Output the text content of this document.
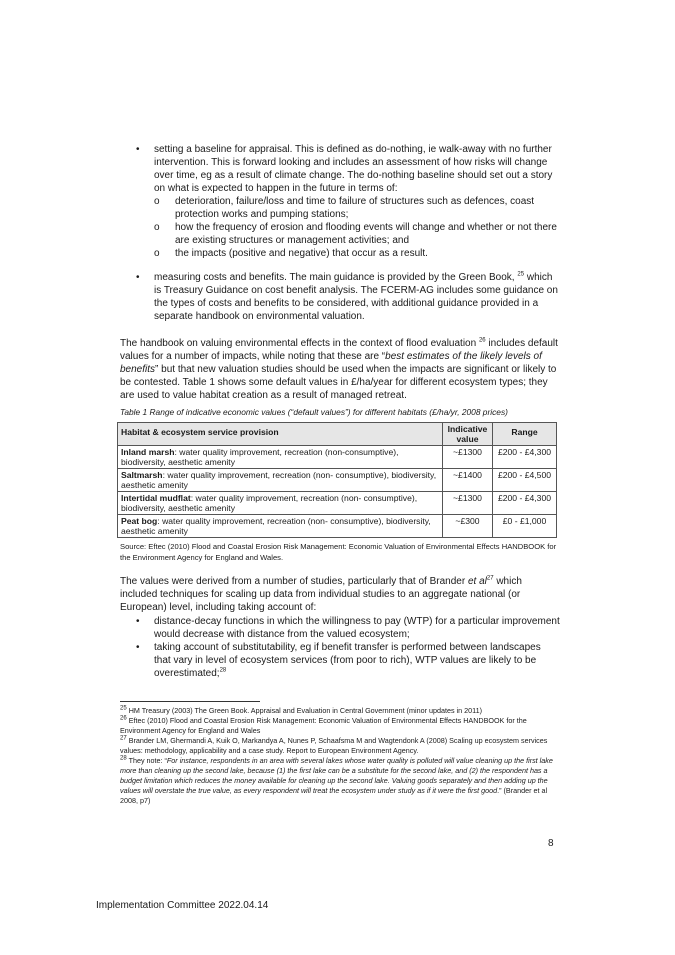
• setting a baseline for appraisal. This is defined as do-nothing, ie walk-away with no further intervention. This is forward looking and includes an assessment of how risks will change over time, eg as a result of climate change. The do-nothing baseline should set out a story on what is expected to happen in the future in terms of:
o deterioration, failure/loss and time to failure of structures such as defences, coast protection works and pumping stations;
o how the frequency of erosion and flooding events will change and whether or not there are existing structures or management activities; and
o the impacts (positive and negative) that occur as a result.
• measuring costs and benefits. The main guidance is provided by the Green Book, $^{25}$ which is Treasury Guidance on cost benefit analysis. The FCERM-AG includes some guidance on the types of costs and benefits to be considered, with additional guidance provided in a separate handbook on environmental valuation.

The handbook on valuing environmental effects in the context of flood evaluation $^{26}$ includes default values for a number of impacts, while noting that these are “best estimates of the likely levels of benefits” but that new valuation studies should be used when the impacts are significant or likely to be contested. Table 1 shows some default values in £/ha/year for different ecosystem types; they are used to value habitat creation as a result of managed retreat.

Table 1 Range of indicative economic values (“default values”) for different habitats (£/ha/yr, 2008 prices)
Habitat & ecosystem service provision	Indicative value	Range
Inland marsh: water quality improvement, recreation (non-consumptive), biodiversity, aesthetic amenity	~£1300	£200 - £4,300
Saltmarsh: water quality improvement, recreation (non- consumptive), biodiversity, aesthetic amenity	~£1400	£200 - £4,500
Intertidal mudflat: water quality improvement, recreation (non- consumptive), biodiversity, aesthetic amenity	~£1300	£200 - £4,300
Peat bog: water quality improvement, recreation (non- consumptive), biodiversity, aesthetic amenity	~£300	£0 - £1,000
Source: Eftec (2010) Flood and Coastal Erosion Risk Management: Economic Valuation of Environmental Effects HANDBOOK for the Environment Agency for England and Wales.

The values were derived from a number of studies, particularly that of Brander et $al^{27}$ which included techniques for scaling up data from individual studies to an aggregate national (or European) level, including taking account of:

• distance-decay functions in which the willingness to pay (WTP) for a particular improvement would decrease with distance from the valued ecosystem;
• taking account of substitutability, eg if benefit transfer is performed between landscapes that vary in level of ecosystem services (from poor to rich), WTP values are likely to be overestimated;$^{28}$
$^{25}$ HM Treasury (2003) The Green Book. Appraisal and Evaluation in Central Government (minor updates in 2011)
$^{26}$ Eftec (2010) Flood and Coastal Erosion Risk Management: Economic Valuation of Environmental Effects HANDBOOK for the Environment Agency for England and Wales
$^{27}$ Brander LM, Ghermandi A, Kuik O, Markandya A, Nunes P, Schaafsma M and Wagtendonk A (2008) Scaling up ecosystem services values: methodology, applicability and a case study. Report to European Environment Agency.
$^{28}$ They note: “For instance, respondents in an area with several lakes whose water quality is polluted will value cleaning up the first lake more than cleaning up the second lake, because (1) the first lake can be a substitute for the second lake, and (2) the respondent has a budget limitation which reduces the money available for cleaning up the second lake. Valuing goods separately and then adding up the values will overstate the true value, as every respondent will treat the ecosystem under study as if it were the first good.” (Brander et al 2008, p7)
8
Implementation Committee 2022.04.14
